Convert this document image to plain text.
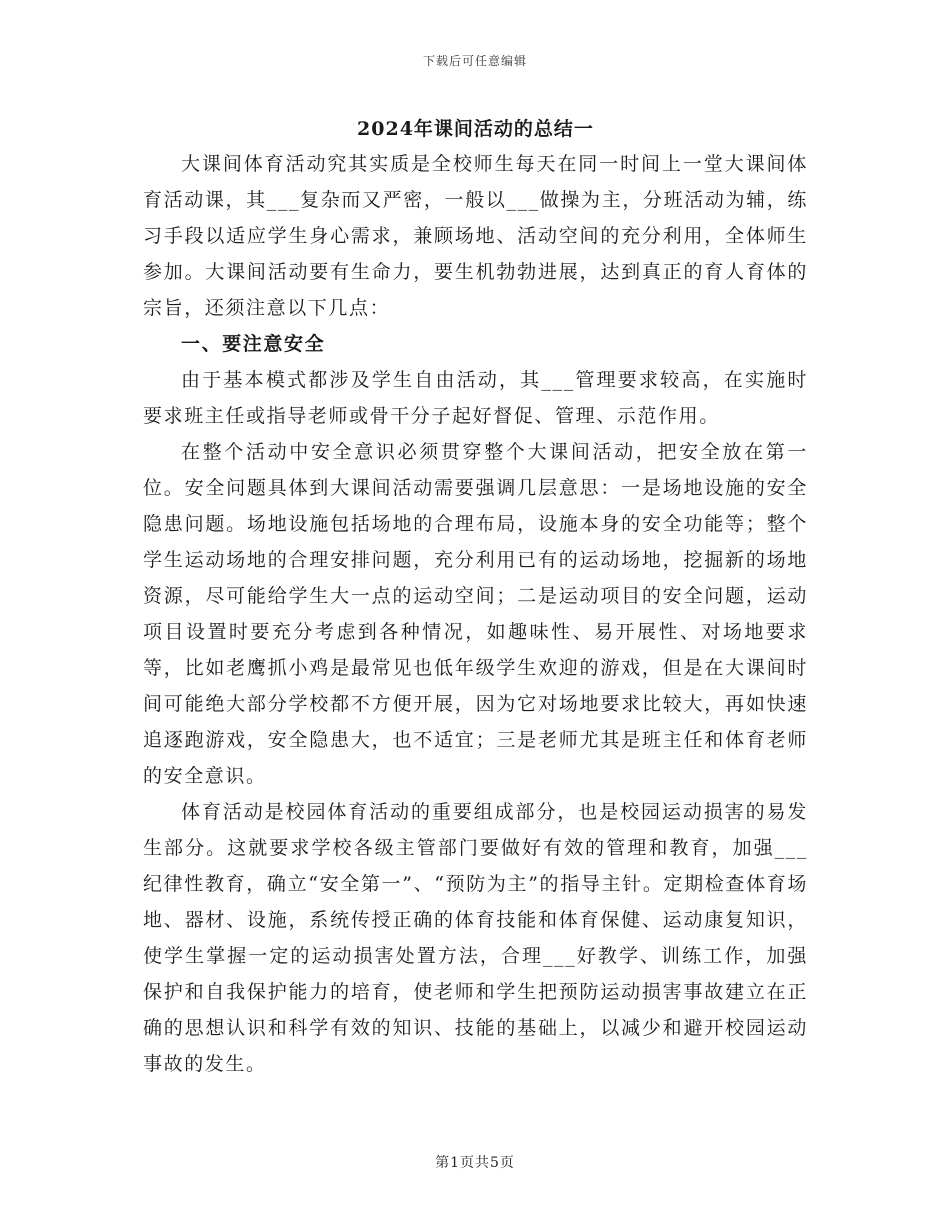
下载后可任意编辑
2024年课间活动的总结一

大课间体育活动究其实质是全校师生每天在同一时间上一堂大课间体育活动课，其___复杂而又严密，一般以___做操为主，分班活动为辅，练习手段以适应学生身心需求，兼顾场地、活动空间的充分利用，全体师生参加。大课间活动要有生命力，要生机勃勃进展，达到真正的育人育体的宗旨，还须注意以下几点：

一、要注意安全

由于基本模式都涉及学生自由活动，其___管理要求较高，在实施时要求班主任或指导老师或骨干分子起好督促、管理、示范作用。

在整个活动中安全意识必须贯穿整个大课间活动，把安全放在第一位。安全问题具体到大课间活动需要强调几层意思：一是场地设施的安全隐患问题。场地设施包括场地的合理布局，设施本身的安全功能等；整个学生运动场地的合理安排问题，充分利用已有的运动场地，挖掘新的场地资源，尽可能给学生大一点的运动空间；二是运动项目的安全问题，运动项目设置时要充分考虑到各种情况，如趣味性、易开展性、对场地要求等，比如老鹰抓小鸡是最常见也低年级学生欢迎的游戏，但是在大课间时间可能绝大部分学校都不方便开展，因为它对场地要求比较大，再如快速追逐跑游戏，安全隐患大，也不适宜；三是老师尤其是班主任和体育老师的安全意识。

体育活动是校园体育活动的重要组成部分，也是校园运动损害的易发生部分。这就要求学校各级主管部门要做好有效的管理和教育，加强___纪律性教育，确立“安全第一”、“预防为主”的指导主针。定期检查体育场地、器材、设施，系统传授正确的体育技能和体育保健、运动康复知识，使学生掌握一定的运动损害处置方法，合理___好教学、训练工作，加强保护和自我保护能力的培育，使老师和学生把预防运动损害事故建立在正确的思想认识和科学有效的知识、技能的基础上，以减少和避开校园运动事故的发生。

第1页共5页
